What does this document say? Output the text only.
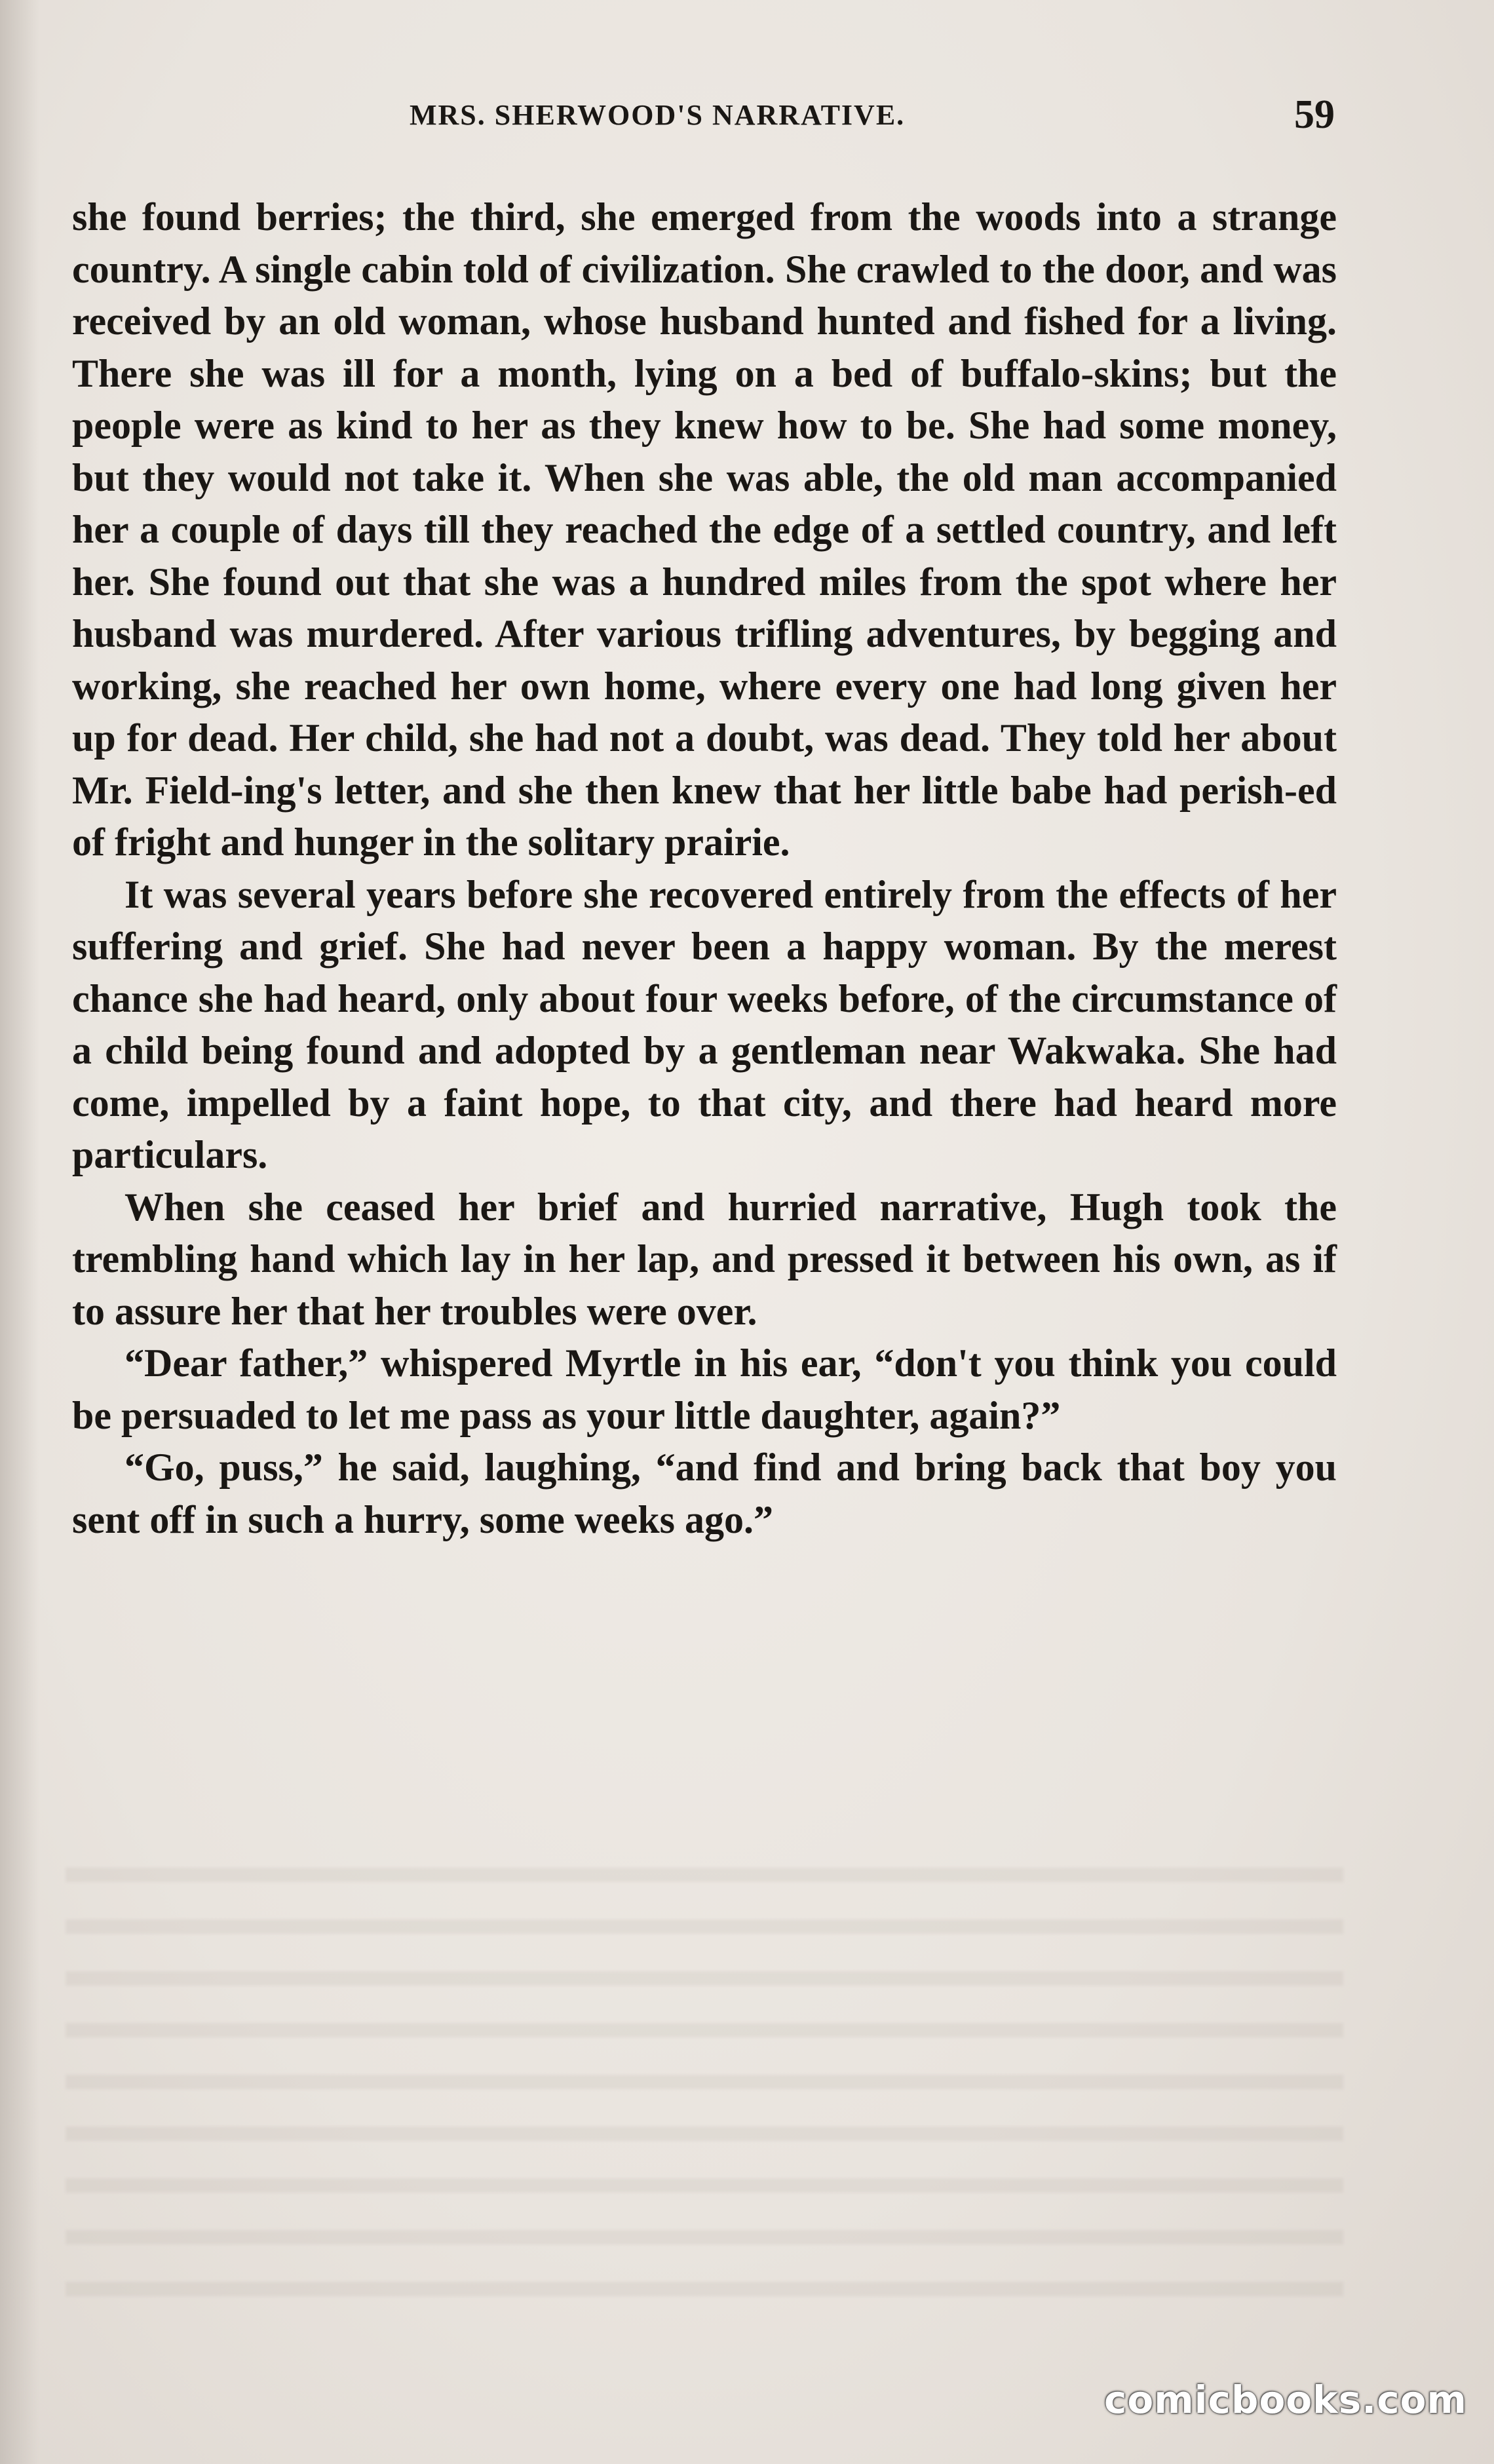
MRS. SHERWOOD'S NARRATIVE.	59

she found berries; the third, she emerged from the woods into a strange country. A single cabin told of civilization. She crawled to the door, and was received by an old woman, whose husband hunted and fished for a living. There she was ill for a month, lying on a bed of buffalo-skins; but the people were as kind to her as they knew how to be. She had some money, but they would not take it. When she was able, the old man accompanied her a couple of days till they reached the edge of a settled country, and left her. She found out that she was a hundred miles from the spot where her husband was murdered. After various trifling adventures, by begging and working, she reached her own home, where every one had long given her up for dead. Her child, she had not a doubt, was dead. They told her about Mr. Field-ing's letter, and she then knew that her little babe had perish-ed of fright and hunger in the solitary prairie.

It was several years before she recovered entirely from the effects of her suffering and grief. She had never been a happy woman. By the merest chance she had heard, only about four weeks before, of the circumstance of a child being found and adopted by a gentleman near Wakwaka. She had come, impelled by a faint hope, to that city, and there had heard more particulars.

When she ceased her brief and hurried narrative, Hugh took the trembling hand which lay in her lap, and pressed it between his own, as if to assure her that her troubles were over.

“Dear father,” whispered Myrtle in his ear, “don't you think you could be persuaded to let me pass as your little daughter, again?”

“Go, puss,” he said, laughing, “and find and bring back that boy you sent off in such a hurry, some weeks ago.”

comicbooks.com
